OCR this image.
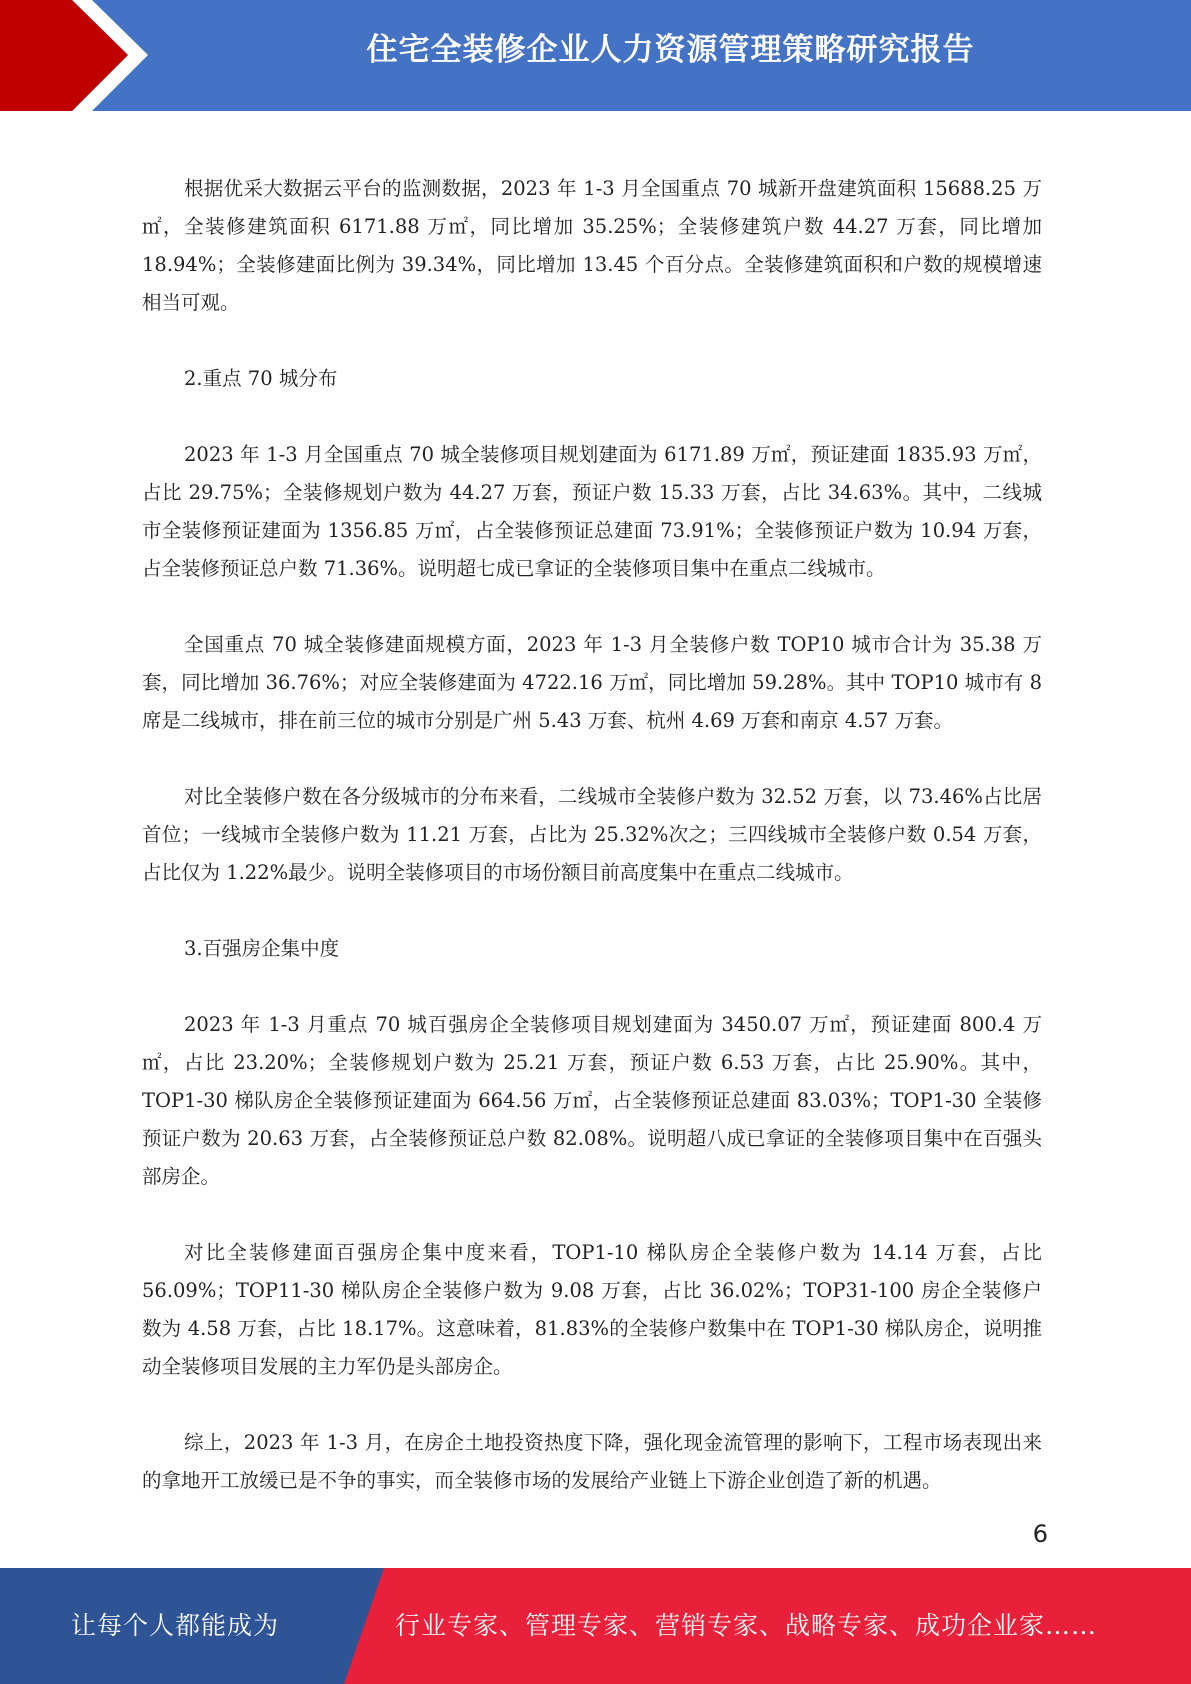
住宅全装修企业人力资源管理策略研究报告

根据优采大数据云平台的监测数据，2023 年 1-3 月全国重点 70 城新开盘建筑面积 15688.25 万㎡，全装修建筑面积 6171.88 万㎡，同比增加 35.25%；全装修建筑户数 44.27 万套，同比增加 18.94%；全装修建面比例为 39.34%，同比增加 13.45 个百分点。全装修建筑面积和户数的规模增速相当可观。

2.重点 70 城分布

2023 年 1-3 月全国重点 70 城全装修项目规划建面为 6171.89 万㎡，预证建面 1835.93 万㎡，占比 29.75%；全装修规划户数为 44.27 万套，预证户数 15.33 万套，占比 34.63%。其中，二线城市全装修预证建面为 1356.85 万㎡，占全装修预证总建面 73.91%；全装修预证户数为 10.94 万套，占全装修预证总户数 71.36%。说明超七成已拿证的全装修项目集中在重点二线城市。

全国重点 70 城全装修建面规模方面，2023 年 1-3 月全装修户数 TOP10 城市合计为 35.38 万套，同比增加 36.76%；对应全装修建面为 4722.16 万㎡，同比增加 59.28%。其中 TOP10 城市有 8 席是二线城市，排在前三位的城市分别是广州 5.43 万套、杭州 4.69 万套和南京 4.57 万套。

对比全装修户数在各分级城市的分布来看，二线城市全装修户数为 32.52 万套，以 73.46%占比居首位；一线城市全装修户数为 11.21 万套，占比为 25.32%次之；三四线城市全装修户数 0.54 万套，占比仅为 1.22%最少。说明全装修项目的市场份额目前高度集中在重点二线城市。

3.百强房企集中度

2023 年 1-3 月重点 70 城百强房企全装修项目规划建面为 3450.07 万㎡，预证建面 800.4 万㎡，占比 23.20%；全装修规划户数为 25.21 万套，预证户数 6.53 万套，占比 25.90%。其中，TOP1-30 梯队房企全装修预证建面为 664.56 万㎡，占全装修预证总建面 83.03%；TOP1-30 全装修预证户数为 20.63 万套，占全装修预证总户数 82.08%。说明超八成已拿证的全装修项目集中在百强头部房企。

对比全装修建面百强房企集中度来看，TOP1-10 梯队房企全装修户数为 14.14 万套，占比 56.09%；TOP11-30 梯队房企全装修户数为 9.08 万套，占比 36.02%；TOP31-100 房企全装修户数为 4.58 万套，占比 18.17%。这意味着，81.83%的全装修户数集中在 TOP1-30 梯队房企，说明推动全装修项目发展的主力军仍是头部房企。

综上，2023 年 1-3 月，在房企土地投资热度下降，强化现金流管理的影响下，工程市场表现出来的拿地开工放缓已是不争的事实，而全装修市场的发展给产业链上下游企业创造了新的机遇。

6
让每个人都能成为	行业专家、管理专家、营销专家、战略专家、成功企业家……
